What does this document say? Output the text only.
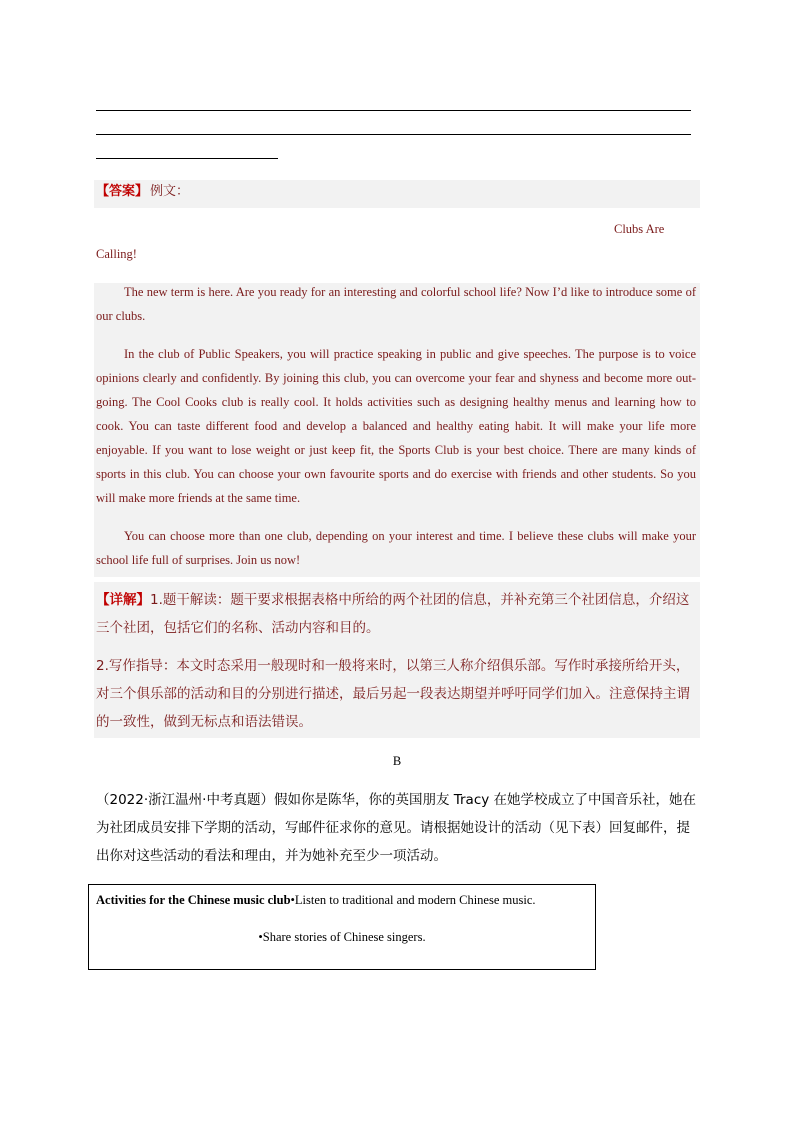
【答案】 例文：
Clubs Are
Calling!

The new term is here. Are you ready for an interesting and colorful school life? Now I’d like to introduce some of our clubs.

In the club of Public Speakers, you will practice speaking in public and give speeches. The purpose is to voice opinions clearly and confidently. By joining this club, you can overcome your fear and shyness and become more out-going. The Cool Cooks club is really cool. It holds activities such as designing healthy menus and learning how to cook. You can taste different food and develop a balanced and healthy eating habit. It will make your life more enjoyable. If you want to lose weight or just keep fit, the Sports Club is your best choice. There are many kinds of sports in this club. You can choose your own favourite sports and do exercise with friends and other students. So you will make more friends at the same time.

You can choose more than one club, depending on your interest and time. I believe these clubs will make your school life full of surprises. Join us now!

【详解】1.题干解读：题干要求根据表格中所给的两个社团的信息，并补充第三个社团信息，介绍这三个社团，包括它们的名称、活动内容和目的。

2.写作指导：本文时态采用一般现时和一般将来时，以第三人称介绍俱乐部。写作时承接所给开头，对三个俱乐部的活动和目的分别进行描述，最后另起一段表达期望并呼吁同学们加入。注意保持主谓的一致性，做到无标点和语法错误。

B

（2022·浙江温州·中考真题）假如你是陈华，你的英国朋友 Tracy 在她学校成立了中国音乐社，她在为社团成员安排下学期的活动，写邮件征求你的意见。请根据她设计的活动（见下表）回复邮件，提出你对这些活动的看法和理由，并为她补充至少一项活动。

Activities for the Chinese music club•Listen to traditional and modern Chinese music.
•Share stories of Chinese singers.
